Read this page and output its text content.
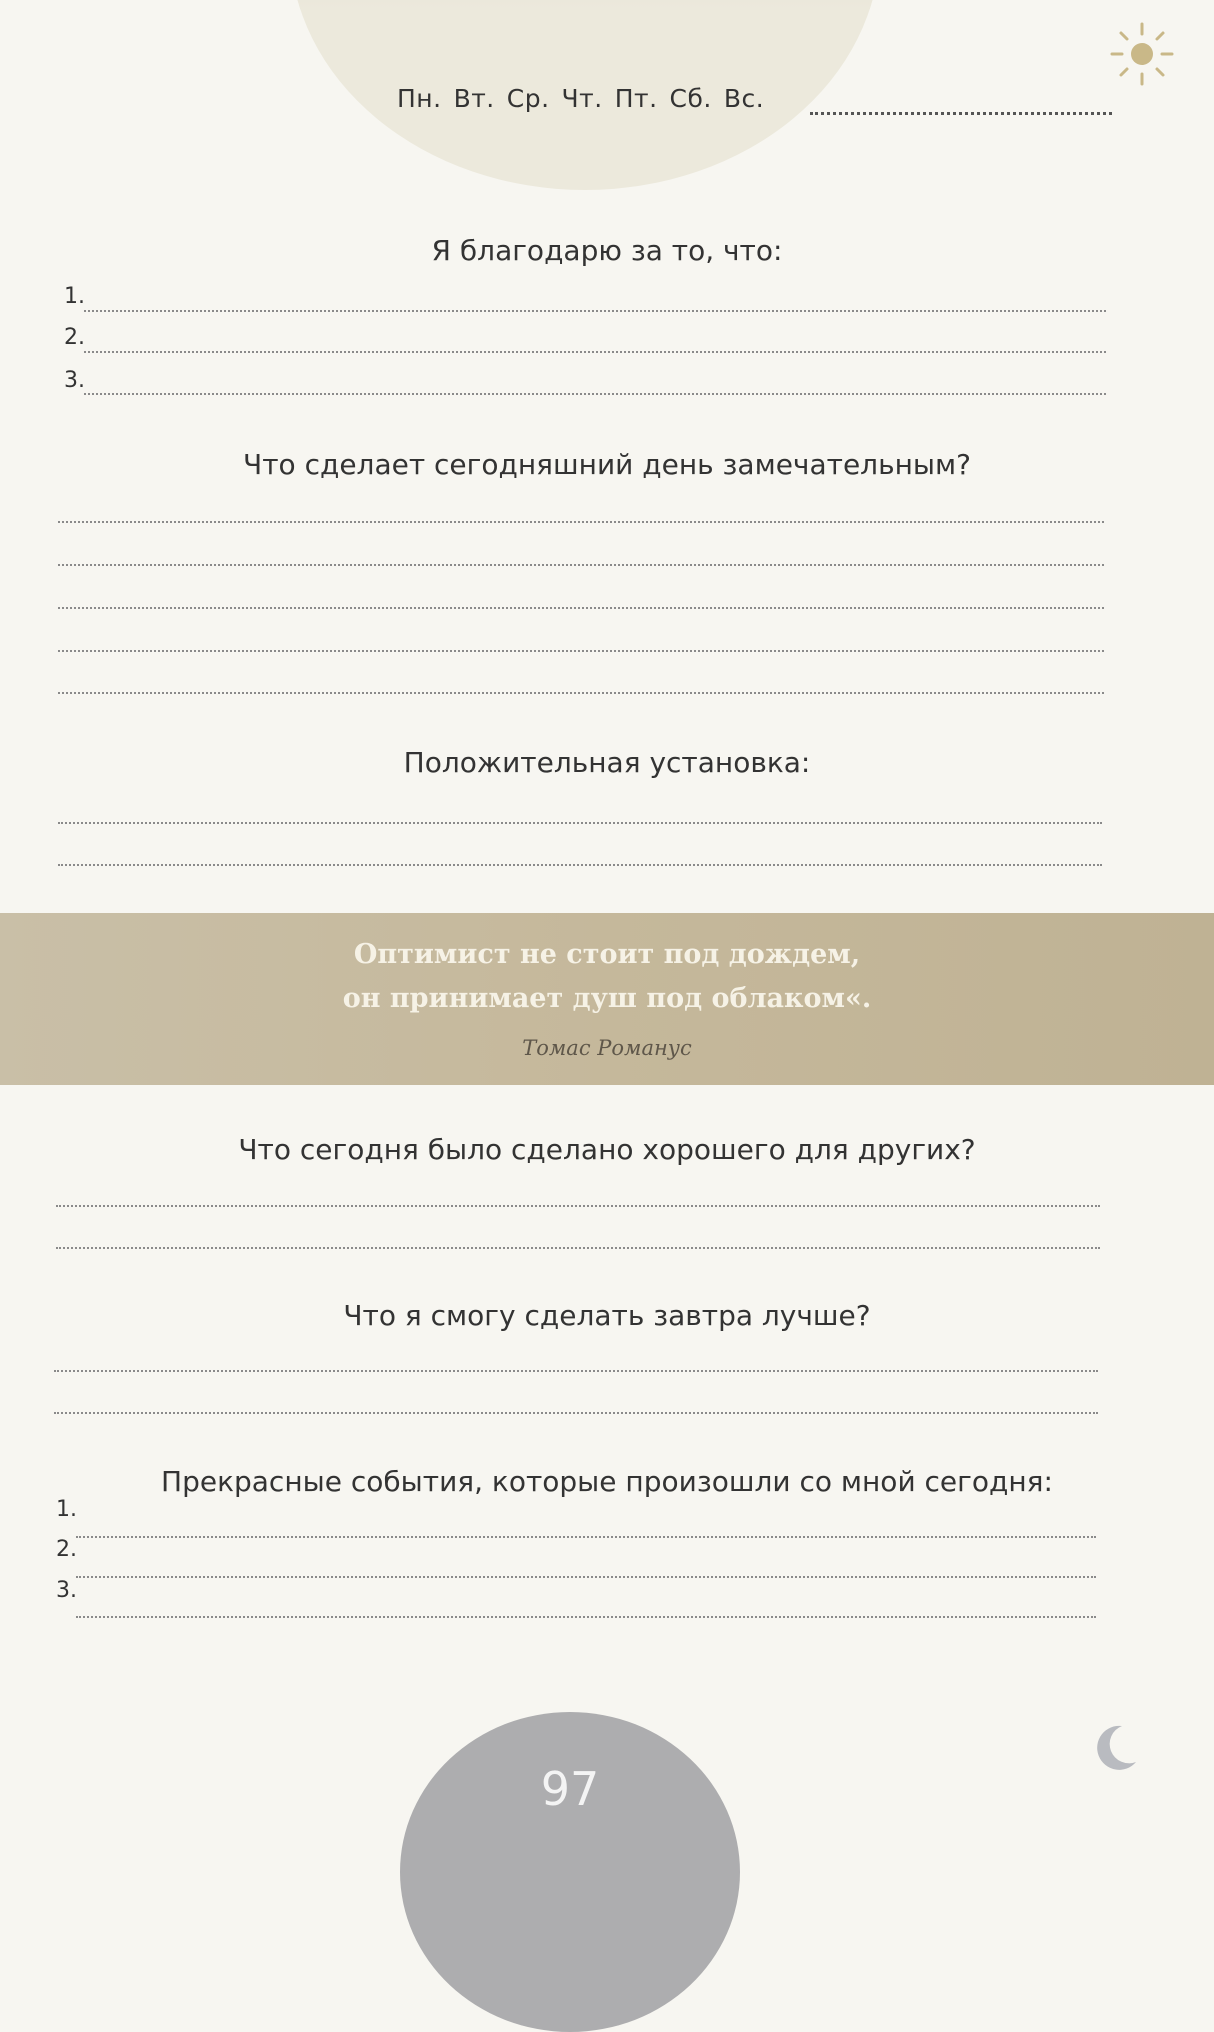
Пн. Вт. Ср. Чт. Пт. Сб. Вс.
Я благодарю за то, что:
1.
2.
3.
Что сделает сегодняшний день замечательным?
Положительная установка:
Оптимист не стоит под дождем,
он принимает душ под облаком«.
Томас Романус
Что сегодня было сделано хорошего для других?
Что я смогу сделать завтра лучше?
Прекрасные события, которые произошли со мной сегодня:
1.
2.
3.
97
